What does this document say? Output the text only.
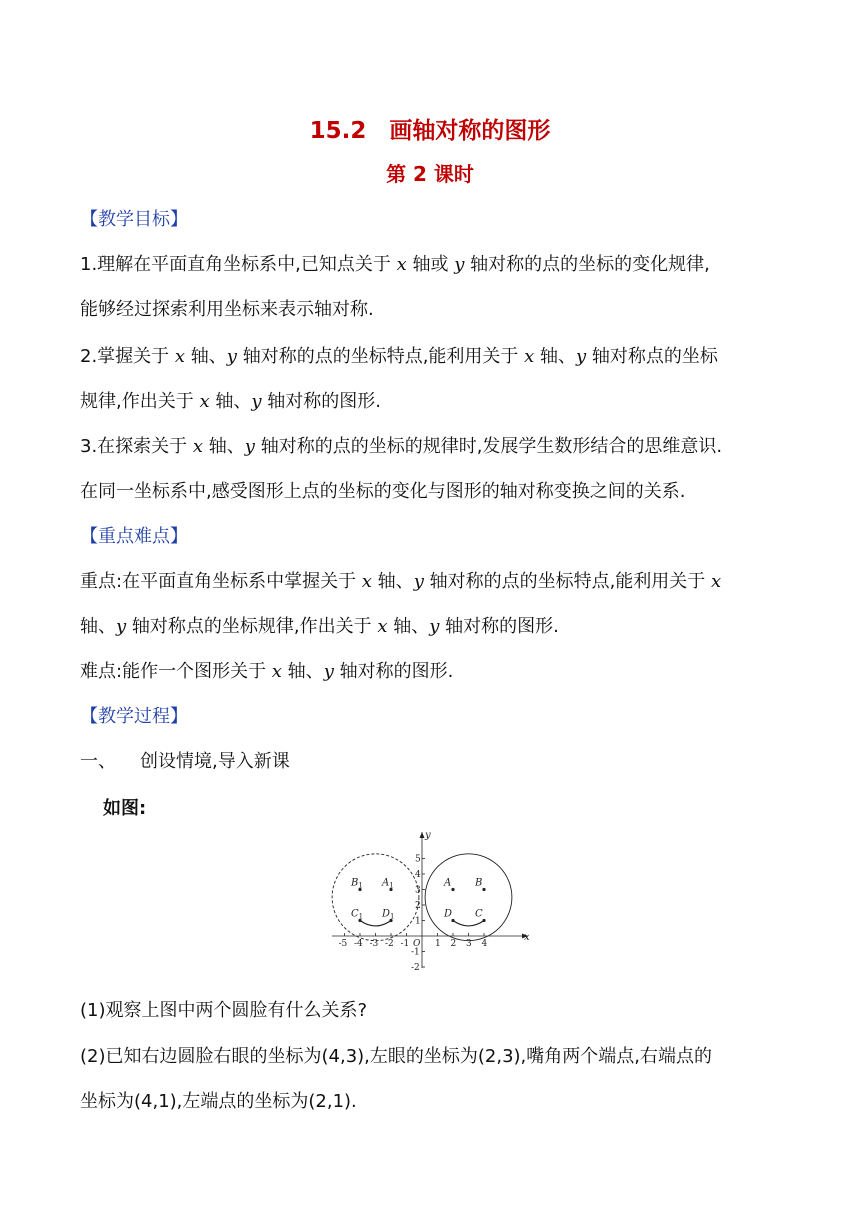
15.2　画轴对称的图形
第 2 课时
【教学目标】
1.理解在平面直角坐标系中,已知点关于 x 轴或 y 轴对称的点的坐标的变化规律,
能够经过探索利用坐标来表示轴对称.
2.掌握关于 x 轴、y 轴对称的点的坐标特点,能利用关于 x 轴、y 轴对称点的坐标
规律,作出关于 x 轴、y 轴对称的图形.
3.在探索关于 x 轴、y 轴对称的点的坐标的规律时,发展学生数形结合的思维意识.
在同一坐标系中,感受图形上点的坐标的变化与图形的轴对称变换之间的关系.
【重点难点】
重点:在平面直角坐标系中掌握关于 x 轴、y 轴对称的点的坐标特点,能利用关于 x
轴、y 轴对称点的坐标规律,作出关于 x 轴、y 轴对称的图形.
难点:能作一个图形关于 x 轴、y 轴对称的图形.
【教学过程】
一、 创设情境,导入新课
如图:
x
y
O
-5 -4 -3 -2 -1	1 2 3 4
5
4
3
2
1
-1
-2
A B
D C
$A_1$
$B_1$
$D_1$
$C_1$
(1)观察上图中两个圆脸有什么关系?
(2)已知右边圆脸右眼的坐标为(4,3),左眼的坐标为(2,3),嘴角两个端点,右端点的
坐标为(4,1),左端点的坐标为(2,1).
